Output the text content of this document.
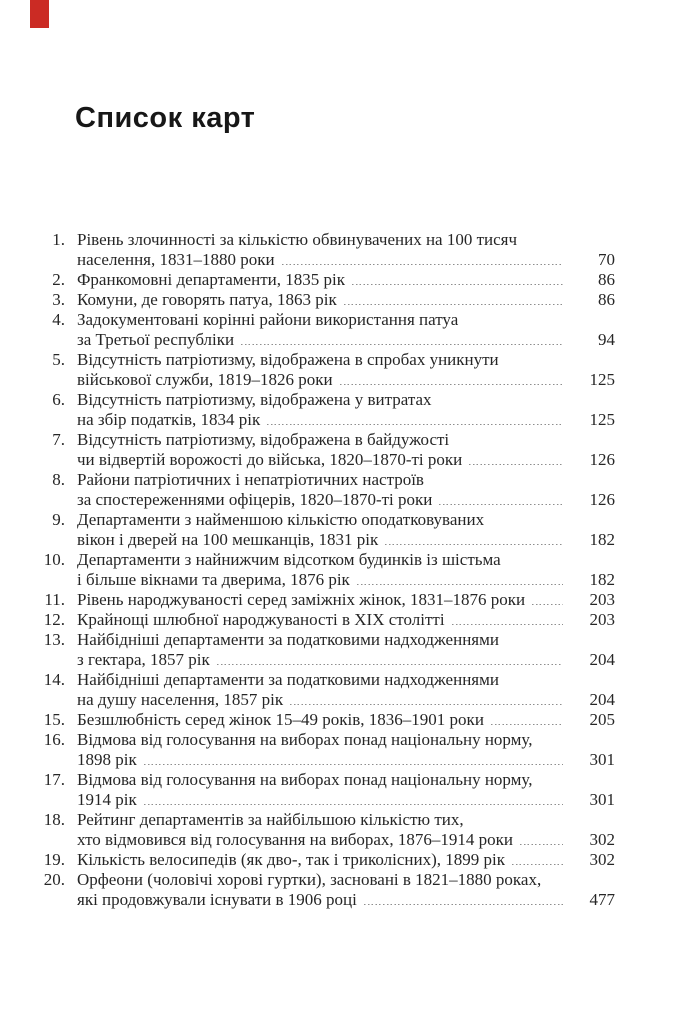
Список карт
1. Рівень злочинності за кількістю обвинувачених на 100 тисяч
населення, 1831–1880 роки	70
2. Франкомовні департаменти, 1835 рік	86
3. Комуни, де говорять патуа, 1863 рік	86
4. Задокументовані корінні райони використання патуа
за Третьої республіки	94
5. Відсутність патріотизму, відображена в спробах уникнути
військової служби, 1819–1826 роки	125
6. Відсутність патріотизму, відображена у витратах
на збір податків, 1834 рік	125
7. Відсутність патріотизму, відображена в байдужості
чи відвертій ворожості до війська, 1820–1870-ті роки	126
8. Райони патріотичних і непатріотичних настроїв
за спостереженнями офіцерів, 1820–1870-ті роки	126
9. Департаменти з найменшою кількістю оподатковуваних
вікон і дверей на 100 мешканців, 1831 рік	182
10. Департаменти з найнижчим відсотком будинків із шістьма
і більше вікнами та дверима, 1876 рік	182
11. Рівень народжуваності серед заміжніх жінок, 1831–1876 роки	203
12. Крайнощі шлюбної народжуваності в XIX столітті	203
13. Найбідніші департаменти за податковими надходженнями
з гектара, 1857 рік	204
14. Найбідніші департаменти за податковими надходженнями
на душу населення, 1857 рік	204
15. Безшлюбність серед жінок 15–49 років, 1836–1901 роки	205
16. Відмова від голосування на виборах понад національну норму,
1898 рік	301
17. Відмова від голосування на виборах понад національну норму,
1914 рік	301
18. Рейтинг департаментів за найбільшою кількістю тих,
хто відмовився від голосування на виборах, 1876–1914 роки	302
19. Кількість велосипедів (як дво-, так і триколісних), 1899 рік	302
20. Орфеони (чоловічі хорові гуртки), засновані в 1821–1880 роках,
які продовжували існувати в 1906 році	477
